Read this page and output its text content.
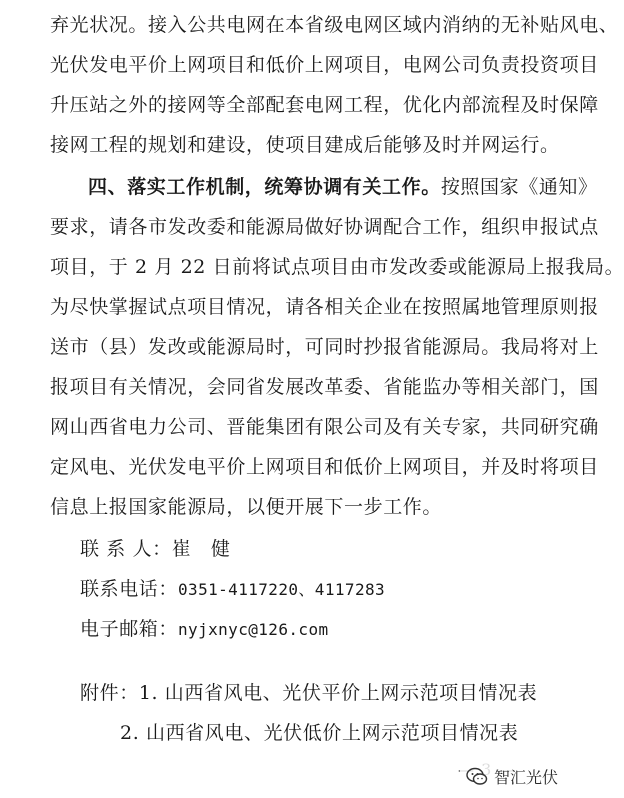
弃光状况。接入公共电网在本省级电网区域内消纳的无补贴风电、
光伏发电平价上网项目和低价上网项目，电网公司负责投资项目
升压站之外的接网等全部配套电网工程，优化内部流程及时保障
接网工程的规划和建设，使项目建成后能够及时并网运行。
四、落实工作机制，统筹协调有关工作。按照国家《通知》
要求，请各市发改委和能源局做好协调配合工作，组织申报试点
项目，于 2 月 22 日前将试点项目由市发改委或能源局上报我局。
为尽快掌握试点项目情况，请各相关企业在按照属地管理原则报
送市（县）发改或能源局时，可同时抄报省能源局。我局将对上
报项目有关情况，会同省发展改革委、省能监办等相关部门，国
网山西省电力公司、晋能集团有限公司及有关专家，共同研究确
定风电、光伏发电平价上网项目和低价上网项目，并及时将项目
信息上报国家能源局，以便开展下一步工作。
联 系 人：崔　健
联系电话：0351-4117220、4117283
电子邮箱：nyjxnyc@126.com
附件：1. 山西省风电、光伏平价上网示范项目情况表
2. 山西省风电、光伏低价上网示范项目情况表
智汇光伏
